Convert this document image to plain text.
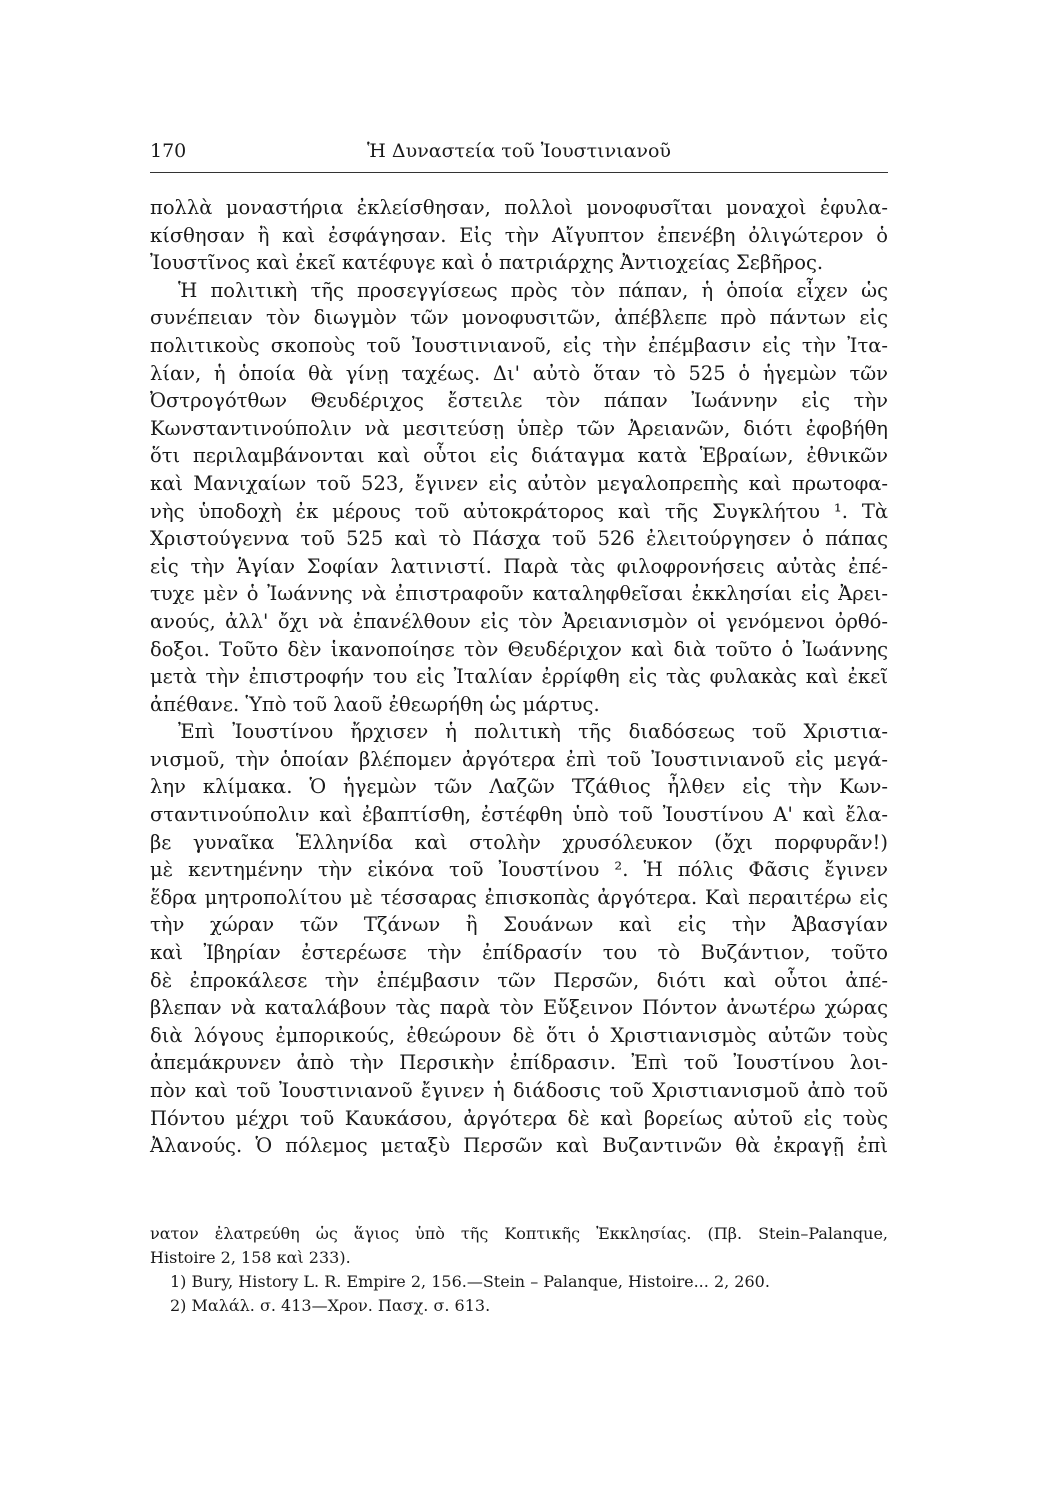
170	Ἡ Δυναστεία τοῦ Ἰουστινιανοῦ
πολλὰ μοναστήρια ἐκλείσθησαν, πολλοὶ μονοφυσῖται μοναχοὶ ἐφυλα-
κίσθησαν ἢ καὶ ἐσφάγησαν. Εἰς τὴν Αἴγυπτον ἐπενέβη ὀλιγώτερον ὁ
Ἰουστῖνος καὶ ἐκεῖ κατέφυγε καὶ ὁ πατριάρχης Ἀντιοχείας Σεβῆρος.
Ἡ πολιτικὴ τῆς προσεγγίσεως πρὸς τὸν πάπαν, ἡ ὁποία εἶχεν ὡς
συνέπειαν τὸν διωγμὸν τῶν μονοφυσιτῶν, ἀπέβλεπε πρὸ πάντων εἰς
πολιτικοὺς σκοποὺς τοῦ Ἰουστινιανοῦ, εἰς τὴν ἐπέμβασιν εἰς τὴν Ἰτα-
λίαν, ἡ ὁποία θὰ γίνῃ ταχέως. Δι' αὐτὸ ὅταν τὸ 525 ὁ ἡγεμὼν τῶν
Ὀστρογότθων Θευδέριχος ἔστειλε τὸν πάπαν Ἰωάννην εἰς τὴν
Κωνσταντινούπολιν νὰ μεσιτεύσῃ ὑπὲρ τῶν Ἀρειανῶν, διότι ἐφοβήθη
ὅτι περιλαμβάνονται καὶ οὗτοι εἰς διάταγμα κατὰ Ἑβραίων, ἐθνικῶν
καὶ Μανιχαίων τοῦ 523, ἔγινεν εἰς αὐτὸν μεγαλοπρεπὴς καὶ πρωτοφα-
νὴς ὑποδοχὴ ἐκ μέρους τοῦ αὐτοκράτορος καὶ τῆς Συγκλήτου ¹. Τὰ
Χριστούγεννα τοῦ 525 καὶ τὸ Πάσχα τοῦ 526 ἐλειτούργησεν ὁ πάπας
εἰς τὴν Ἁγίαν Σοφίαν λατινιστί. Παρὰ τὰς φιλοφρονήσεις αὐτὰς ἐπέ-
τυχε μὲν ὁ Ἰωάννης νὰ ἐπιστραφοῦν καταληφθεῖσαι ἐκκλησίαι εἰς Ἀρει-
ανούς, ἀλλ' ὄχι νὰ ἐπανέλθουν εἰς τὸν Ἀρειανισμὸν οἱ γενόμενοι ὀρθό-
δοξοι. Τοῦτο δὲν ἱκανοποίησε τὸν Θευδέριχον καὶ διὰ τοῦτο ὁ Ἰωάννης
μετὰ τὴν ἐπιστροφήν του εἰς Ἰταλίαν ἐρρίφθη εἰς τὰς φυλακὰς καὶ ἐκεῖ
ἀπέθανε. Ὑπὸ τοῦ λαοῦ ἐθεωρήθη ὡς μάρτυς.
Ἐπὶ Ἰουστίνου ἤρχισεν ἡ πολιτικὴ τῆς διαδόσεως τοῦ Χριστια-
νισμοῦ, τὴν ὁποίαν βλέπομεν ἀργότερα ἐπὶ τοῦ Ἰουστινιανοῦ εἰς μεγά-
λην κλίμακα. Ὁ ἡγεμὼν τῶν Λαζῶν Τζάθιος ἦλθεν εἰς τὴν Κων-
σταντινούπολιν καὶ ἐβαπτίσθη, ἐστέφθη ὑπὸ τοῦ Ἰουστίνου Α' καὶ ἔλα-
βε γυναῖκα Ἑλληνίδα καὶ στολὴν χρυσόλευκον (ὄχι πορφυρᾶν!)
μὲ κεντημένην τὴν εἰκόνα τοῦ Ἰουστίνου ². Ἡ πόλις Φᾶσις ἔγινεν
ἕδρα μητροπολίτου μὲ τέσσαρας ἐπισκοπὰς ἀργότερα. Καὶ περαιτέρω εἰς
τὴν χώραν τῶν Τζάνων ἢ Σουάνων καὶ εἰς τὴν Ἀβασγίαν
καὶ Ἰβηρίαν ἐστερέωσε τὴν ἐπίδρασίν του τὸ Βυζάντιον, τοῦτο
δὲ ἐπροκάλεσε τὴν ἐπέμβασιν τῶν Περσῶν, διότι καὶ οὗτοι ἀπέ-
βλεπαν νὰ καταλάβουν τὰς παρὰ τὸν Εὔξεινον Πόντον ἀνωτέρω χώρας
διὰ λόγους ἐμπορικούς, ἐθεώρουν δὲ ὅτι ὁ Χριστιανισμὸς αὐτῶν τοὺς
ἀπεμάκρυνεν ἀπὸ τὴν Περσικὴν ἐπίδρασιν. Ἐπὶ τοῦ Ἰουστίνου λοι-
πὸν καὶ τοῦ Ἰουστινιανοῦ ἔγινεν ἡ διάδοσις τοῦ Χριστιανισμοῦ ἀπὸ τοῦ
Πόντου μέχρι τοῦ Καυκάσου, ἀργότερα δὲ καὶ βορείως αὐτοῦ εἰς τοὺς
Ἀλανούς. Ὁ πόλεμος μεταξὺ Περσῶν καὶ Βυζαντινῶν θὰ ἐκραγῇ ἐπὶ
νατον ἐλατρεύθη ὡς ἅγιος ὑπὸ τῆς Κοπτικῆς Ἐκκλησίας. (Πβ. Stein–Palanque,
Histoire 2, 158 καὶ 233).
1) Bury, History L. R. Empire 2, 156.—Stein – Palanque, Histoire... 2, 260.
2) Μαλάλ. σ. 413—Χρον. Πασχ. σ. 613.
